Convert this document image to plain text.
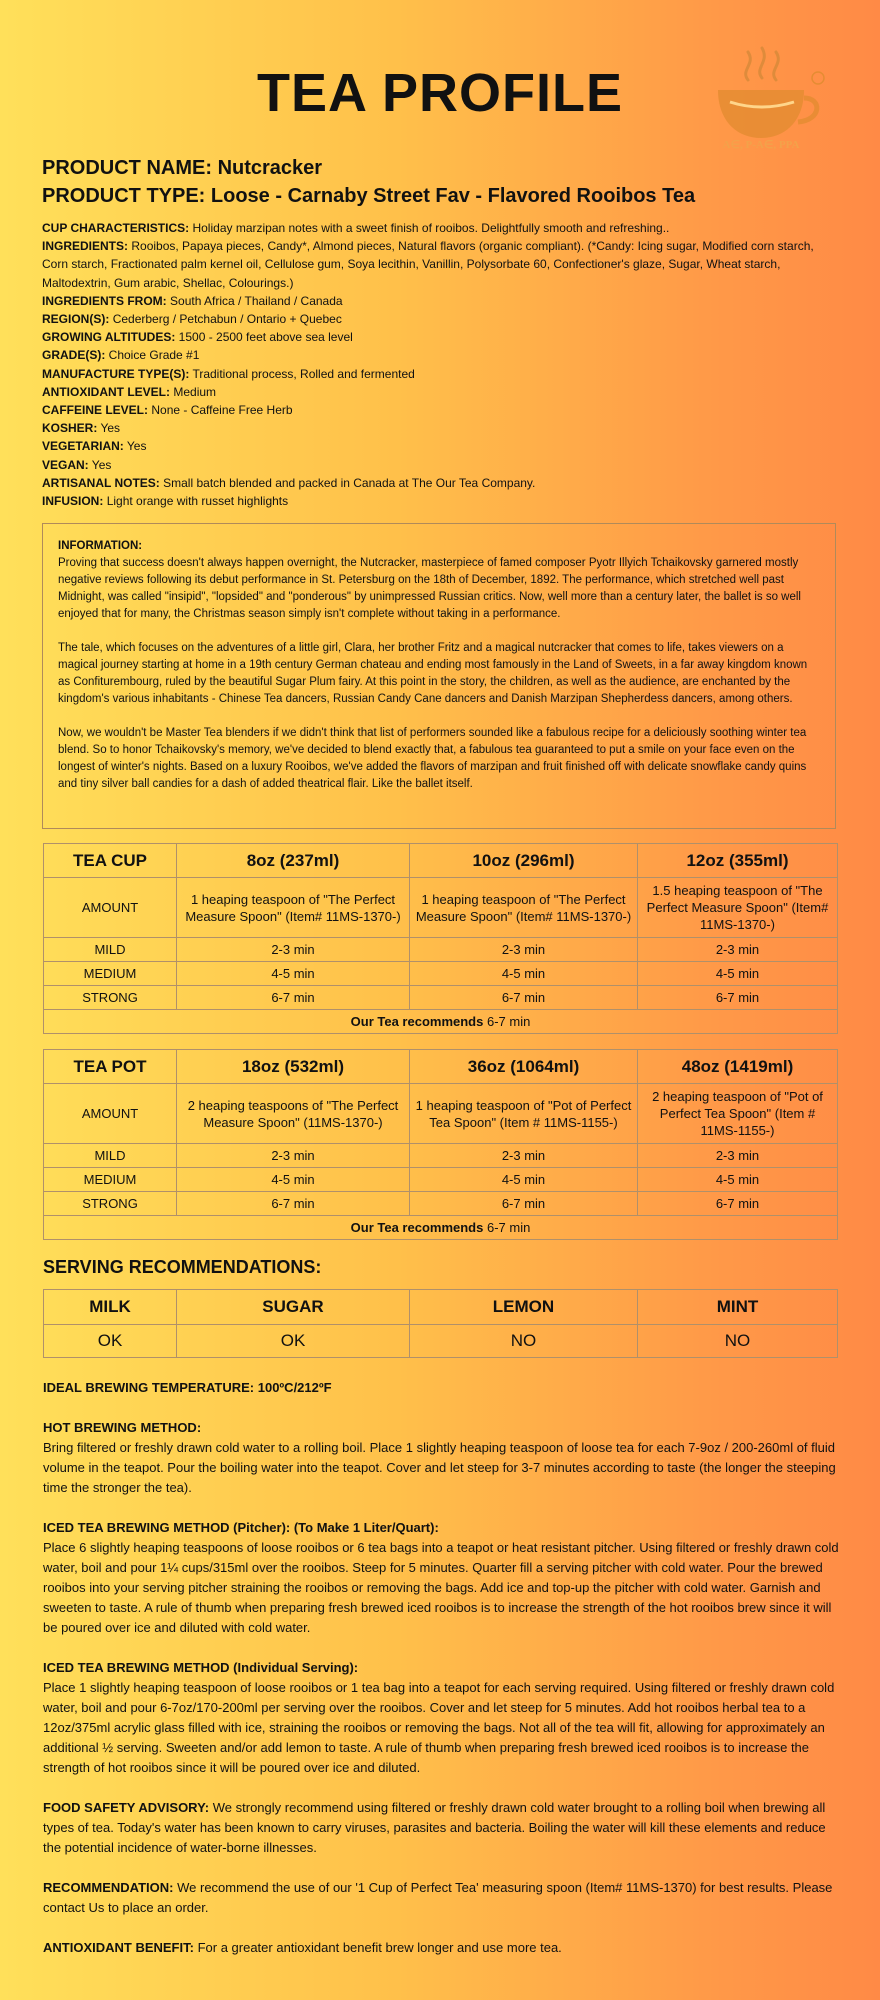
TEA PROFILE
A∈, P-A∈, PPA
PRODUCT NAME: Nutcracker
PRODUCT TYPE: Loose - Carnaby Street Fav - Flavored Rooibos Tea
CUP CHARACTERISTICS: Holiday marzipan notes with a sweet finish of rooibos. Delightfully smooth and refreshing..
INGREDIENTS: Rooibos, Papaya pieces, Candy*, Almond pieces, Natural flavors (organic compliant). (*Candy: Icing sugar, Modified corn starch, Corn starch, Fractionated palm kernel oil, Cellulose gum, Soya lecithin, Vanillin, Polysorbate 60, Confectioner's glaze, Sugar, Wheat starch, Maltodextrin, Gum arabic, Shellac, Colourings.)
INGREDIENTS FROM: South Africa / Thailand / Canada
REGION(S): Cederberg / Petchabun / Ontario + Quebec
GROWING ALTITUDES: 1500 - 2500 feet above sea level
GRADE(S): Choice Grade #1
MANUFACTURE TYPE(S): Traditional process, Rolled and fermented
ANTIOXIDANT LEVEL: Medium
CAFFEINE LEVEL: None - Caffeine Free Herb
KOSHER: Yes
VEGETARIAN: Yes
VEGAN: Yes
ARTISANAL NOTES: Small batch blended and packed in Canada at The Our Tea Company.
INFUSION: Light orange with russet highlights

INFORMATION:
Proving that success doesn't always happen overnight, the Nutcracker, masterpiece of famed composer Pyotr Illyich Tchaikovsky garnered mostly negative reviews following its debut performance in St. Petersburg on the 18th of December, 1892. The performance, which stretched well past Midnight, was called "insipid", "lopsided" and "ponderous" by unimpressed Russian critics. Now, well more than a century later, the ballet is so well enjoyed that for many, the Christmas season simply isn't complete without taking in a performance.

The tale, which focuses on the adventures of a little girl, Clara, her brother Fritz and a magical nutcracker that comes to life, takes viewers on a magical journey starting at home in a 19th century German chateau and ending most famously in the Land of Sweets, in a far away kingdom known as Confiturembourg, ruled by the beautiful Sugar Plum fairy. At this point in the story, the children, as well as the audience, are enchanted by the kingdom's various inhabitants - Chinese Tea dancers, Russian Candy Cane dancers and Danish Marzipan Shepherdess dancers, among others.

Now, we wouldn't be Master Tea blenders if we didn't think that list of performers sounded like a fabulous recipe for a deliciously soothing winter tea blend. So to honor Tchaikovsky's memory, we've decided to blend exactly that, a fabulous tea guaranteed to put a smile on your face even on the longest of winter's nights. Based on a luxury Rooibos, we've added the flavors of marzipan and fruit finished off with delicate snowflake candy quins and tiny silver ball candies for a dash of added theatrical flair. Like the ballet itself.

TEA CUP	8oz (237ml)	10oz (296ml)	12oz (355ml)
AMOUNT	1 heaping teaspoon of "The Perfect Measure Spoon" (Item# 11MS-1370-)	1 heaping teaspoon of "The Perfect Measure Spoon" (Item# 11MS-1370-)	1.5 heaping teaspoon of "The Perfect Measure Spoon" (Item# 11MS-1370-)
MILD	2-3 min	2-3 min	2-3 min
MEDIUM	4-5 min	4-5 min	4-5 min
STRONG	6-7 min	6-7 min	6-7 min
Our Tea recommends 6-7 min			
TEA POT	18oz (532ml)	36oz (1064ml)	48oz (1419ml)
AMOUNT	2 heaping teaspoons of "The Perfect Measure Spoon" (11MS-1370-)	1 heaping teaspoon of "Pot of Perfect Tea Spoon" (Item # 11MS-1155-)	2 heaping teaspoon of "Pot of Perfect Tea Spoon" (Item # 11MS-1155-)
MILD	2-3 min	2-3 min	2-3 min
MEDIUM	4-5 min	4-5 min	4-5 min
STRONG	6-7 min	6-7 min	6-7 min
Our Tea recommends 6-7 min			
SERVING RECOMMENDATIONS:
MILK	SUGAR	LEMON	MINT
OK	OK	NO	NO

IDEAL BREWING TEMPERATURE: 100ºC/212ºF

HOT BREWING METHOD:
Bring filtered or freshly drawn cold water to a rolling boil. Place 1 slightly heaping teaspoon of loose tea for each 7-9oz / 200-260ml of fluid volume in the teapot. Pour the boiling water into the teapot. Cover and let steep for 3-7 minutes according to taste (the longer the steeping time the stronger the tea).

ICED TEA BREWING METHOD (Pitcher): (To Make 1 Liter/Quart):
Place 6 slightly heaping teaspoons of loose rooibos or 6 tea bags into a teapot or heat resistant pitcher. Using filtered or freshly drawn cold water, boil and pour 1¼ cups/315ml over the rooibos. Steep for 5 minutes. Quarter fill a serving pitcher with cold water. Pour the brewed rooibos into your serving pitcher straining the rooibos or removing the bags. Add ice and top-up the pitcher with cold water. Garnish and sweeten to taste. A rule of thumb when preparing fresh brewed iced rooibos is to increase the strength of the hot rooibos brew since it will be poured over ice and diluted with cold water.

ICED TEA BREWING METHOD (Individual Serving):
Place 1 slightly heaping teaspoon of loose rooibos or 1 tea bag into a teapot for each serving required. Using filtered or freshly drawn cold water, boil and pour 6-7oz/170-200ml per serving over the rooibos. Cover and let steep for 5 minutes. Add hot rooibos herbal tea to a 12oz/375ml acrylic glass filled with ice, straining the rooibos or removing the bags. Not all of the tea will fit, allowing for approximately an additional ½ serving. Sweeten and/or add lemon to taste. A rule of thumb when preparing fresh brewed iced rooibos is to increase the strength of hot rooibos since it will be poured over ice and diluted.

FOOD SAFETY ADVISORY: We strongly recommend using filtered or freshly drawn cold water brought to a rolling boil when brewing all types of tea. Today's water has been known to carry viruses, parasites and bacteria. Boiling the water will kill these elements and reduce the potential incidence of water-borne illnesses.

RECOMMENDATION: We recommend the use of our '1 Cup of Perfect Tea' measuring spoon (Item# 11MS-1370) for best results. Please contact Us to place an order.

ANTIOXIDANT BENEFIT: For a greater antioxidant benefit brew longer and use more tea.
